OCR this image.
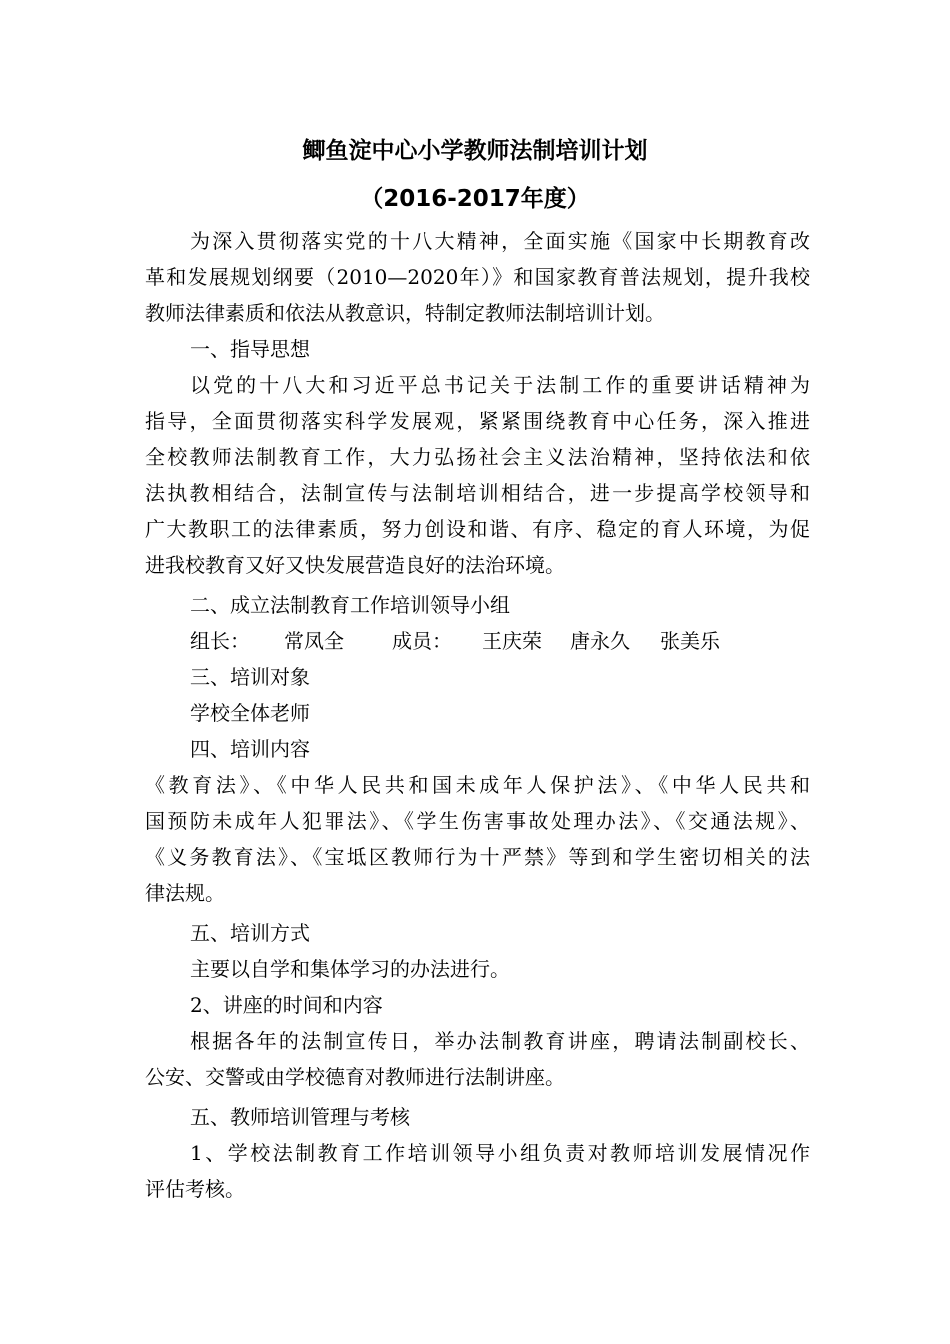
鲫鱼淀中心小学教师法制培训计划
（2016-2017年度）
为深入贯彻落实党的十八大精神，全面实施《国家中长期教育改
革和发展规划纲要（2010—2020年）》和国家教育普法规划，提升我校
教师法律素质和依法从教意识，特制定教师法制培训计划。
一、指导思想
以党的十八大和习近平总书记关于法制工作的重要讲话精神为
指导，全面贯彻落实科学发展观，紧紧围绕教育中心任务，深入推进
全校教师法制教育工作，大力弘扬社会主义法治精神，坚持依法和依
法执教相结合，法制宣传与法制培训相结合，进一步提高学校领导和
广大教职工的法律素质，努力创设和谐、有序、稳定的育人环境，为促
进我校教育又好又快发展营造良好的法治环境。
二、成立法制教育工作培训领导小组
组长： 常凤全 成员： 王庆荣 唐永久 张美乐
三、培训对象
学校全体老师
四、培训内容
《教育法》、《中华人民共和国未成年人保护法》、《中华人民共和
国预防未成年人犯罪法》、《学生伤害事故处理办法》、《交通法规》、
《义务教育法》、《宝坻区教师行为十严禁》等到和学生密切相关的法
律法规。
五、培训方式
主要以自学和集体学习的办法进行。
2、讲座的时间和内容
根据各年的法制宣传日，举办法制教育讲座，聘请法制副校长、
公安、交警或由学校德育对教师进行法制讲座。
五、教师培训管理与考核
1、学校法制教育工作培训领导小组负责对教师培训发展情况作
评估考核。
